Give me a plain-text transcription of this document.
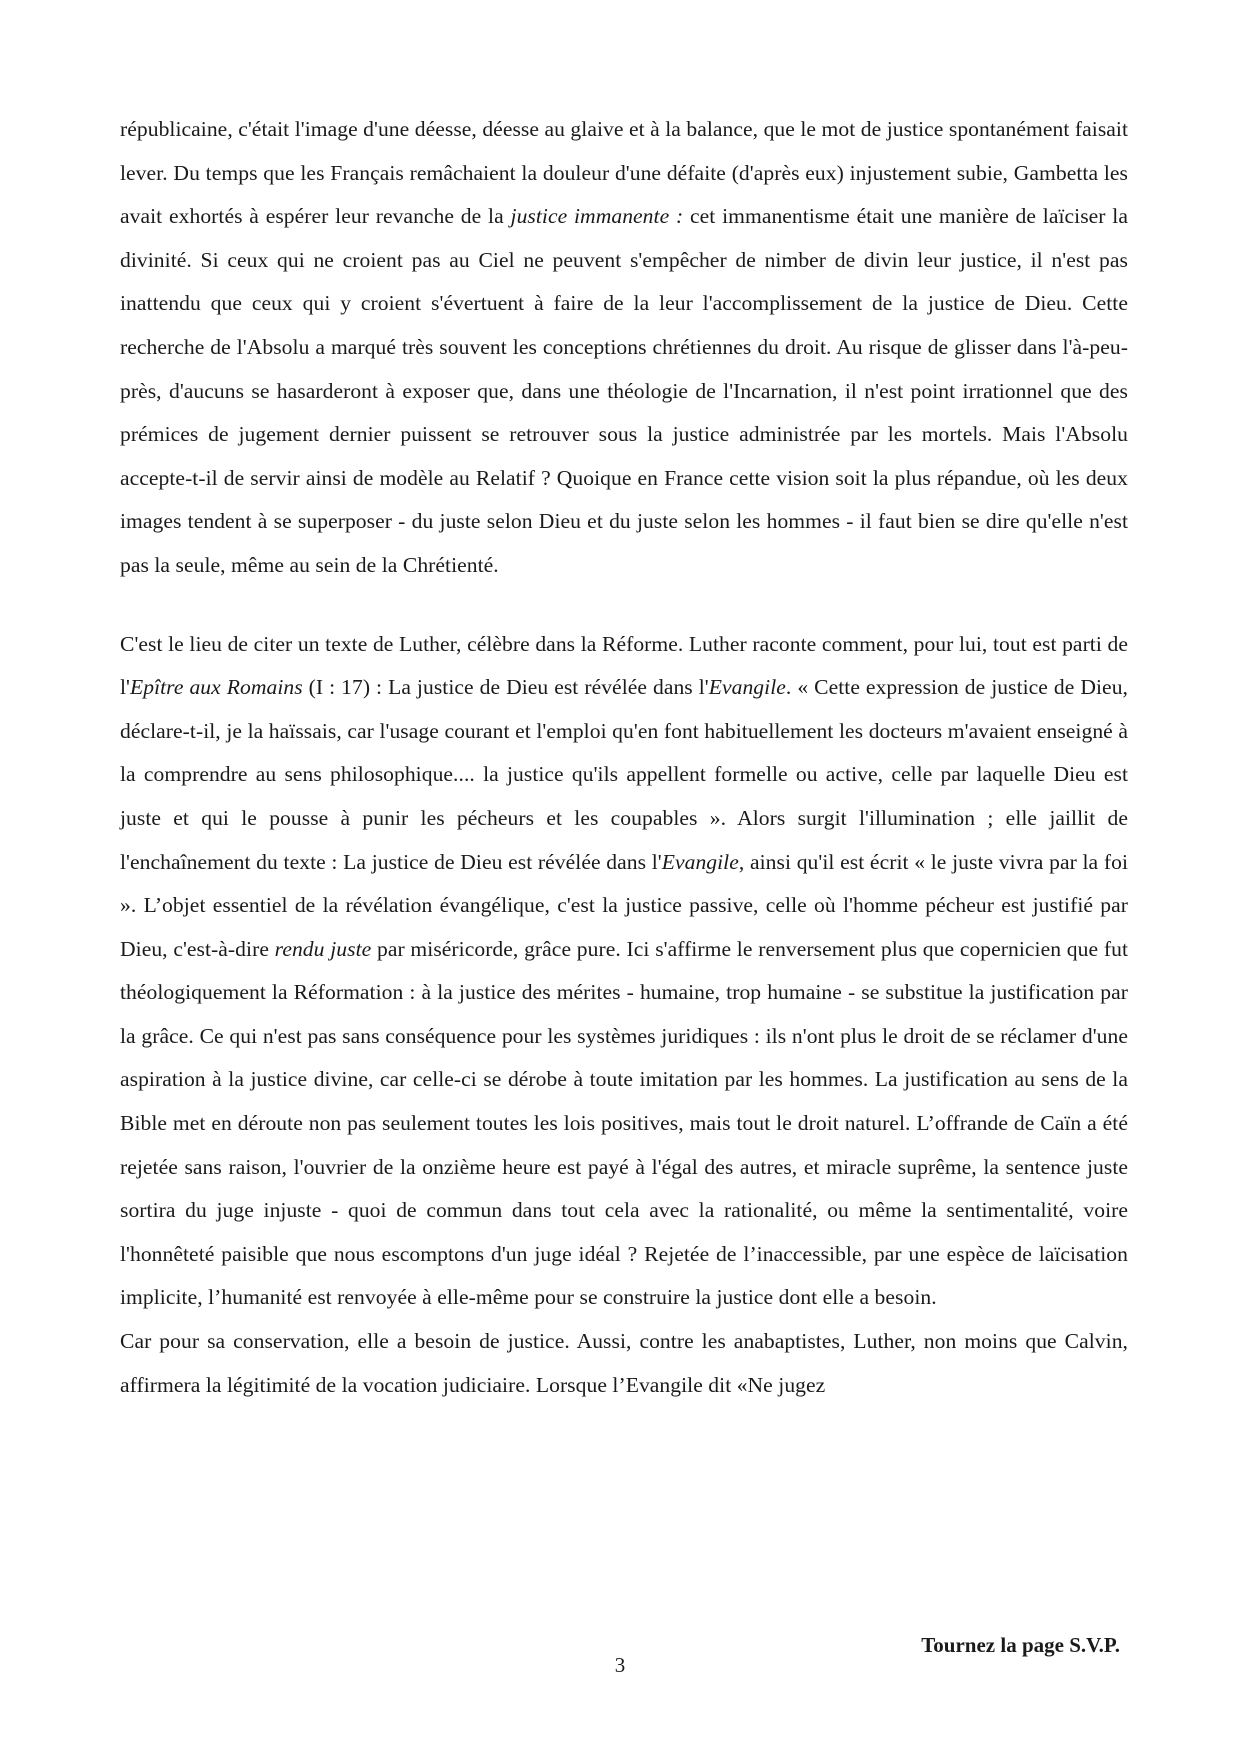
républicaine, c'était l'image d'une déesse, déesse au glaive et à la balance, que le mot de justice spontanément faisait lever. Du temps que les Français remâchaient la douleur d'une défaite (d'après eux) injustement subie, Gambetta les avait exhortés à espérer leur revanche de la justice immanente : cet immanentisme était une manière de laïciser la divinité. Si ceux qui ne croient pas au Ciel ne peuvent s'empêcher de nimber de divin leur justice, il n'est pas inattendu que ceux qui y croient s'évertuent à faire de la leur l'accomplissement de la justice de Dieu. Cette recherche de l'Absolu a marqué très souvent les conceptions chrétiennes du droit. Au risque de glisser dans l'à-peu-près, d'aucuns se hasarderont à exposer que, dans une théologie de l'Incarnation, il n'est point irrationnel que des prémices de jugement dernier puissent se retrouver sous la justice administrée par les mortels. Mais l'Absolu accepte-t-il de servir ainsi de modèle au Relatif ? Quoique en France cette vision soit la plus répandue, où les deux images tendent à se superposer - du juste selon Dieu et du juste selon les hommes - il faut bien se dire qu'elle n'est pas la seule, même au sein de la Chrétienté.

C'est le lieu de citer un texte de Luther, célèbre dans la Réforme. Luther raconte comment, pour lui, tout est parti de l'Epître aux Romains (I : 17) : La justice de Dieu est révélée dans l'Evangile. « Cette expression de justice de Dieu, déclare-t-il, je la haïssais, car l'usage courant et l'emploi qu'en font habituellement les docteurs m'avaient enseigné à la comprendre au sens philosophique.... la justice qu'ils appellent formelle ou active, celle par laquelle Dieu est juste et qui le pousse à punir les pécheurs et les coupables ». Alors surgit l'illumination ; elle jaillit de l'enchaînement du texte : La justice de Dieu est révélée dans l'Evangile, ainsi qu'il est écrit « le juste vivra par la foi ». L’objet essentiel de la révélation évangélique, c'est la justice passive, celle où l'homme pécheur est justifié par Dieu, c'est-à-dire rendu juste par miséricorde, grâce pure. Ici s'affirme le renversement plus que copernicien que fut théologiquement la Réformation : à la justice des mérites - humaine, trop humaine - se substitue la justification par la grâce. Ce qui n'est pas sans conséquence pour les systèmes juridiques : ils n'ont plus le droit de se réclamer d'une aspiration à la justice divine, car celle-ci se dérobe à toute imitation par les hommes. La justification au sens de la Bible met en déroute non pas seulement toutes les lois positives, mais tout le droit naturel. L’offrande de Caïn a été rejetée sans raison, l'ouvrier de la onzième heure est payé à l'égal des autres, et miracle suprême, la sentence juste sortira du juge injuste - quoi de commun dans tout cela avec la rationalité, ou même la sentimentalité, voire l'honnêteté paisible que nous escomptons d'un juge idéal ? Rejetée de l’inaccessible, par une espèce de laïcisation implicite, l’humanité est renvoyée à elle-même pour se construire la justice dont elle a besoin.

Car pour sa conservation, elle a besoin de justice. Aussi, contre les anabaptistes, Luther, non moins que Calvin, affirmera la légitimité de la vocation judiciaire. Lorsque l’Evangile dit «Ne jugez

3
Tournez la page S.V.P.
